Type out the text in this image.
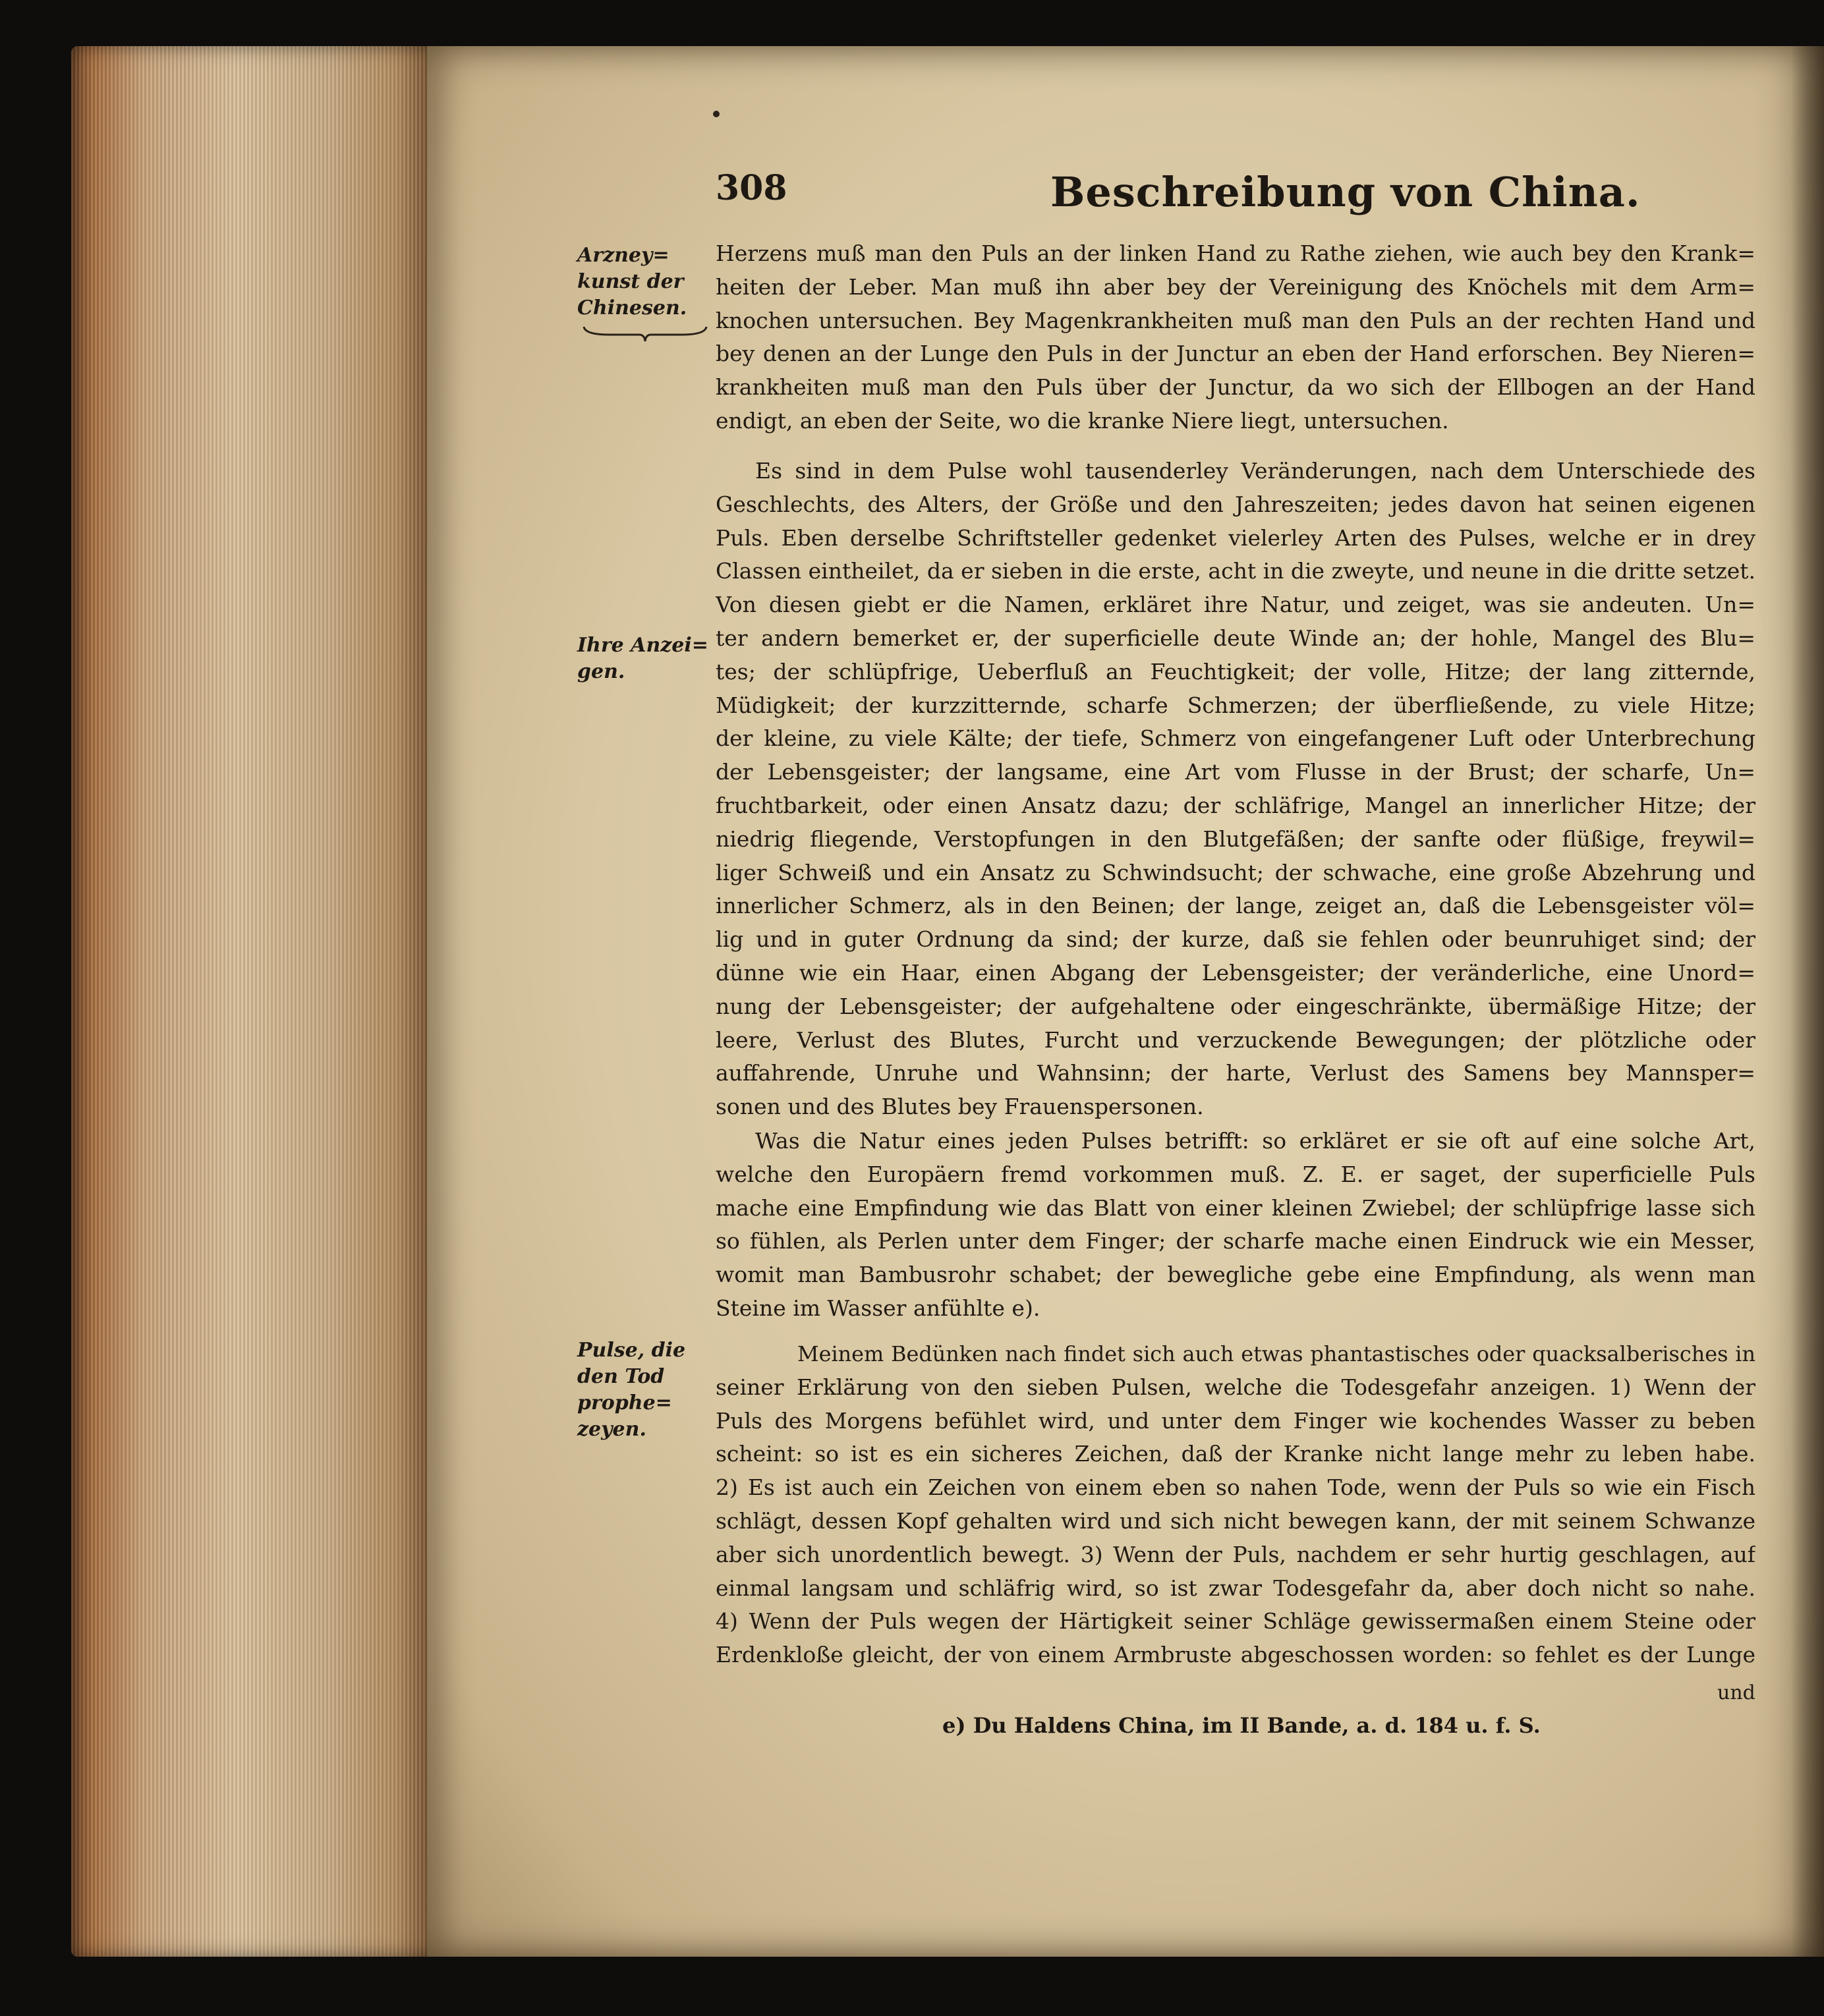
308	Beschreibung von China.
Arzney= kunst der Chinesen.
Ihre Anzei= gen.
Pulse, die den Tod prophe= zeyen.
Herzens muß man den Puls an der linken Hand zu Rathe ziehen, wie auch bey den Krank=
heiten der Leber. Man muß ihn aber bey der Vereinigung des Knöchels mit dem Arm=
knochen untersuchen. Bey Magenkrankheiten muß man den Puls an der rechten Hand und
bey denen an der Lunge den Puls in der Junctur an eben der Hand erforschen. Bey Nieren=
krankheiten muß man den Puls über der Junctur, da wo sich der Ellbogen an der Hand
endigt, an eben der Seite, wo die kranke Niere liegt, untersuchen.
Es sind in dem Pulse wohl tausenderley Veränderungen, nach dem Unterschiede des
Geschlechts, des Alters, der Größe und den Jahreszeiten; jedes davon hat seinen eigenen
Puls. Eben derselbe Schriftsteller gedenket vielerley Arten des Pulses, welche er in drey
Classen eintheilet, da er sieben in die erste, acht in die zweyte, und neune in die dritte setzet.
Von diesen giebt er die Namen, erkläret ihre Natur, und zeiget, was sie andeuten. Un=
ter andern bemerket er, der superficielle deute Winde an; der hohle, Mangel des Blu=
tes; der schlüpfrige, Ueberfluß an Feuchtigkeit; der volle, Hitze; der lang zitternde,
Müdigkeit; der kurzzitternde, scharfe Schmerzen; der überfließende, zu viele Hitze;
der kleine, zu viele Kälte; der tiefe, Schmerz von eingefangener Luft oder Unterbrechung
der Lebensgeister; der langsame, eine Art vom Flusse in der Brust; der scharfe, Un=
fruchtbarkeit, oder einen Ansatz dazu; der schläfrige, Mangel an innerlicher Hitze; der
niedrig fliegende, Verstopfungen in den Blutgefäßen; der sanfte oder flüßige, freywil=
liger Schweiß und ein Ansatz zu Schwindsucht; der schwache, eine große Abzehrung und
innerlicher Schmerz, als in den Beinen; der lange, zeiget an, daß die Lebensgeister völ=
lig und in guter Ordnung da sind; der kurze, daß sie fehlen oder beunruhiget sind; der
dünne wie ein Haar, einen Abgang der Lebensgeister; der veränderliche, eine Unord=
nung der Lebensgeister; der aufgehaltene oder eingeschränkte, übermäßige Hitze; der
leere, Verlust des Blutes, Furcht und verzuckende Bewegungen; der plötzliche oder
auffahrende, Unruhe und Wahnsinn; der harte, Verlust des Samens bey Mannsper=
sonen und des Blutes bey Frauenspersonen.
Was die Natur eines jeden Pulses betrifft: so erkläret er sie oft auf eine solche Art,
welche den Europäern fremd vorkommen muß. Z. E. er saget, der superficielle Puls
mache eine Empfindung wie das Blatt von einer kleinen Zwiebel; der schlüpfrige lasse sich
so fühlen, als Perlen unter dem Finger; der scharfe mache einen Eindruck wie ein Messer,
womit man Bambusrohr schabet; der bewegliche gebe eine Empfindung, als wenn man
Steine im Wasser anfühlte e).
Meinem Bedünken nach findet sich auch etwas phantastisches oder quacksalberisches in
seiner Erklärung von den sieben Pulsen, welche die Todesgefahr anzeigen. 1) Wenn der
Puls des Morgens befühlet wird, und unter dem Finger wie kochendes Wasser zu beben
scheint: so ist es ein sicheres Zeichen, daß der Kranke nicht lange mehr zu leben habe.
2) Es ist auch ein Zeichen von einem eben so nahen Tode, wenn der Puls so wie ein Fisch
schlägt, dessen Kopf gehalten wird und sich nicht bewegen kann, der mit seinem Schwanze
aber sich unordentlich bewegt. 3) Wenn der Puls, nachdem er sehr hurtig geschlagen, auf
einmal langsam und schläfrig wird, so ist zwar Todesgefahr da, aber doch nicht so nahe.
4) Wenn der Puls wegen der Härtigkeit seiner Schläge gewissermaßen einem Steine oder
Erdenkloße gleicht, der von einem Armbruste abgeschossen worden: so fehlet es der Lunge
und
e) Du Haldens China, im II Bande, a. d. 184 u. f. S.
